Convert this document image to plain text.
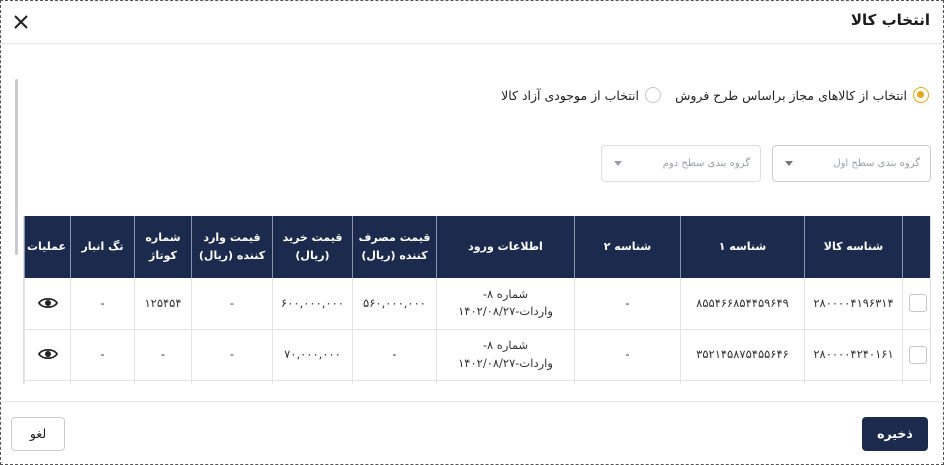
انتخاب کالا
انتخاب از کالاهای مجاز براساس طرح فروش
انتخاب از موجودی آزاد کالا
گروه بندی سطح اول
گروه بندی سطح دوم
	شناسه کالا	شناسه ۱	شناسه ۲	اطلاعات ورود	قیمت مصرف کننده (ریال)	قیمت خرید (ریال)	قیمت وارد کننده (ریال)	شماره کوتاژ	تگ انبار	عملیات
	۲۸۰۰۰۰۴۱۹۶۳۱۴	۸۵۵۴۶۶۸۵۴۴۵۹۶۴۹	-	شماره ۸- واردات-۱۴۰۲/۰۸/۲۷	۵۶۰,۰۰۰,۰۰۰	۶۰۰,۰۰۰,۰۰۰	-	۱۲۵۴۵۴	-	
	۲۸۰۰۰۰۴۲۴۰۱۶۱	۳۵۲۱۴۵۸۷۵۴۵۵۶۴۶	-	شماره ۸- واردات-۱۴۰۲/۰۸/۲۷	-	۷۰,۰۰۰,۰۰۰	-	-	-	

ذخیره
لغو
